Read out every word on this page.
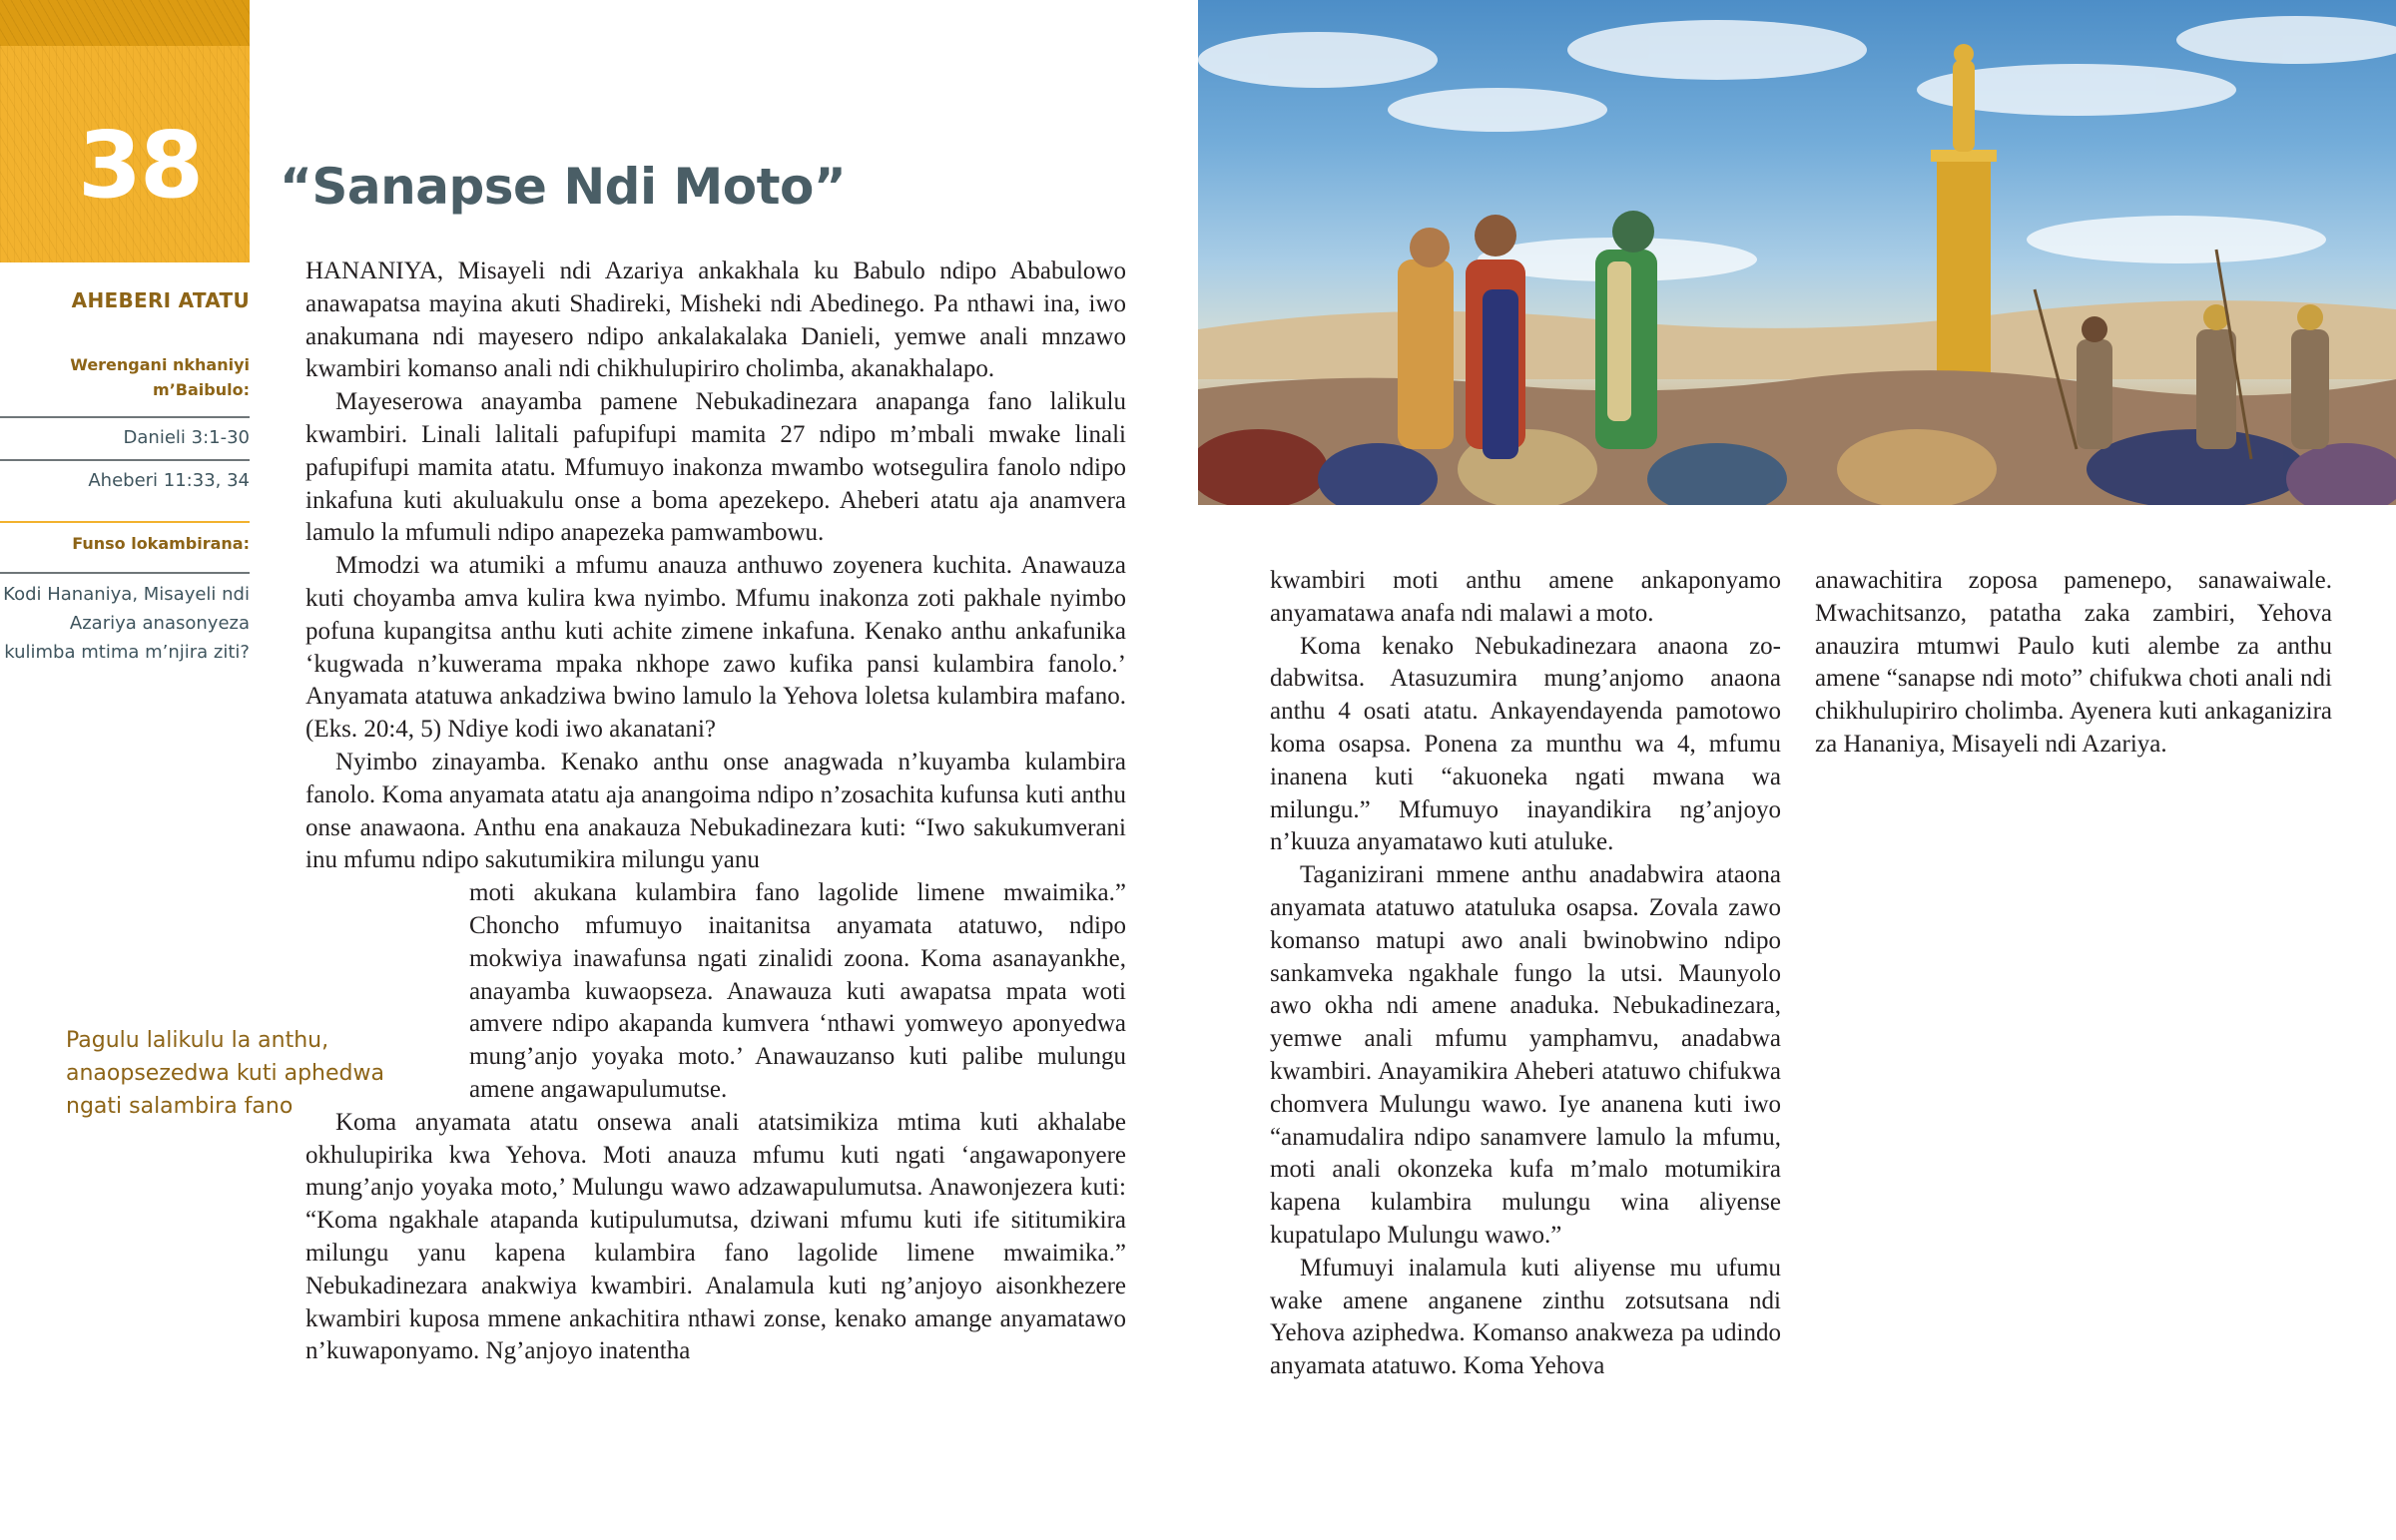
38
AHEBERI ATATU
Werengani nkhaniyi m’Baibulo:
Danieli 3:1-30
Aheberi 11:33, 34
Funso lokambirana:
Kodi Hananiya, Misayeli ndi Azariya anasonyeza kulimba mtima m’njira ziti?
“Sanapse Ndi Moto”
Pagulu lalikulu la anthu, anaopsezedwa kuti aphedwa ngati salambira fano

HANANIYA, Misayeli ndi Azariya ankakhala ku Babulo ndipo Ababulowo anawapatsa mayina akuti Shadireki, Misheki ndi Abedinego. Pa nthawi ina, iwo anakumana ndi mayesero ndipo ankalakalaka Danieli, yemwe anali mnzawo kwambiri komanso anali ndi chikhulupiriro cholimba, akanakhalapo.

Mayeserowa anayamba pamene Nebukadinezara anapanga fano lalikulu kwambiri. Linali lalitali pafupifupi mamita 27 ndipo m’mbali mwake linali pafupifupi mamita atatu. Mfumuyo inakonza mwambo wotsegulira fanolo ndipo inkafuna kuti akuluakulu onse a boma apezekepo. Aheberi atatu aja anamvera lamulo la mfumuli ndipo anapezeka pamwambowu.

Mmodzi wa atumiki a mfumu anauza anthuwo zoyenera kuchita. Anawauza kuti choyamba amva kulira kwa nyimbo. Mfumu inakonza zoti pakhale nyimbo pofuna kupangitsa anthu kuti achite zimene inkafuna. Kenako anthu ankafunika ‘kugwada n’kuwerama mpaka nkhope zawo kufika pansi kulambira fanolo.’ Anyamata atatuwa ankadziwa bwino lamulo la Yehova loletsa kulambira mafano. (Eks. 20:4, 5) Ndiye kodi iwo akanatani?

Nyimbo zinayamba. Kenako anthu onse anagwada n’kuyamba kulambira fanolo. Koma anyamata atatu aja anangoima ndipo n’zosachita kufunsa kuti anthu onse anawaona. Anthu ena anakauza Nebukadinezara kuti: “Iwo sakukumverani inu mfumu ndipo sakutumikira milungu yanu

moti akukana kulambira fano lagolide limene mwaimika.” Choncho mfumuyo inaitanitsa anyamata atatuwo, ndipo mokwiya inawafunsa ngati zinalidi zoona. Koma asanayankhe, anayamba kuwaopseza. Anawauza kuti awapatsa mpata woti amvere ndipo akapanda kumvera ‘nthawi yomweyo aponyedwa mung’anjo yoyaka moto.’ Anawauzanso kuti palibe mulungu amene angawapulumutse.

Koma anyamata atatu onsewa anali atatsimikiza mtima kuti akhalabe okhulupirika kwa Yehova. Moti anauza mfumu kuti ngati ‘angawaponyere mung’anjo yoyaka moto,’ Mulungu wawo adzawapulumutsa. Anawonjezera kuti: “Koma ngakhale atapanda kutipulumutsa, dziwani mfumu kuti ife sititumikira milungu yanu kapena kulambira fano lagolide limene mwaimika.” Nebukadinezara anakwiya kwambiri. Analamula kuti ng’anjoyo aisonkhezere kwambiri kuposa mmene ankachitira nthawi zonse, kenako amange anyamatawo n’kuwaponyamo. Ng’anjoyo inatentha

kwambiri moti anthu amene ankaponyamo anyamatawa anafa ndi malawi a moto.

Koma kenako Nebukadinezara anaona zodabwitsa. Atasuzumira mung’anjomo anaona anthu 4 osati atatu. Ankayendayenda pamotowo koma osapsa. Ponena za munthu wa 4, mfumu inanena kuti “akuoneka ngati mwana wa milungu.” Mfumuyo inayandikira ng’anjoyo n’kuuza anyamatawo kuti atuluke.

Taganizirani mmene anthu anadabwira ataona anyamata atatuwo atatuluka osapsa. Zovala zawo komanso matupi awo anali bwinobwino ndipo sankamveka ngakhale fungo la utsi. Maunyolo awo okha ndi amene anaduka. Nebukadinezara, yemwe anali mfumu yamphamvu, anadabwa kwambiri. Anayamikira Aheberi atatuwo chifukwa chomvera Mulungu wawo. Iye ananena kuti iwo “anamudalira ndipo sanamvere lamulo la mfumu, moti anali okonzeka kufa m’malo motumikira kapena kulambira mulungu wina aliyense kupatulapo Mulungu wawo.”

Mfumuyi inalamula kuti aliyense mu ufumu wake amene anganene zinthu zotsutsana ndi Yehova aziphedwa. Komanso anakweza pa udindo anyamata atatuwo. Koma Yehova

anawachitira zoposa pamenepo, sanawaiwale. Mwachitsanzo, patatha zaka zambiri, Yehova anauzira mtumwi Paulo kuti alembe za anthu amene “sanapse ndi moto” chifukwa choti anali ndi chikhulupiriro cholimba. Ayenera kuti ankaganizira za Hananiya, Misayeli ndi Azariya.
